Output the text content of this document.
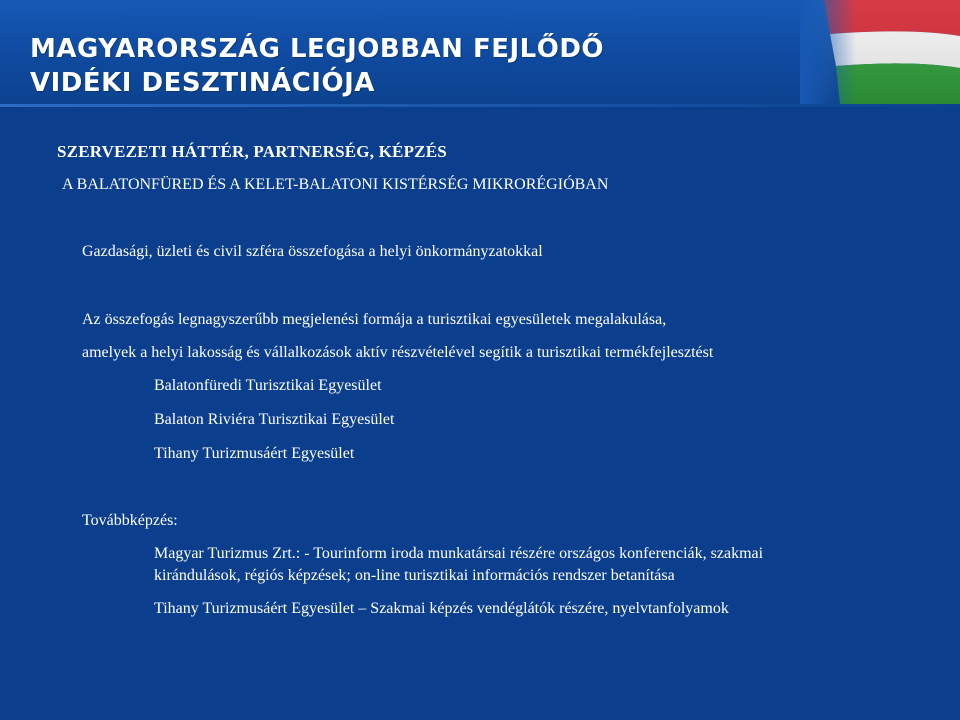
MAGYARORSZÁG LEGJOBBAN FEJLŐDŐ
VIDÉKI DESZTINÁCIÓJA

SZERVEZETI HÁTTÉR, PARTNERSÉG, KÉPZÉS

A BALATONFÜRED ÉS A KELET-BALATONI KISTÉRSÉG MIKRORÉGIÓBAN

Gazdasági, üzleti és civil szféra összefogása a helyi önkormányzatokkal

Az összefogás legnagyszerűbb megjelenési formája a turisztikai egyesületek megalakulása,

amelyek a helyi lakosság és vállalkozások aktív részvételével segítik a turisztikai termékfejlesztést

Balatonfüredi Turisztikai Egyesület

Balaton Riviéra Turisztikai Egyesület

Tihany Turizmusáért Egyesület

Továbbképzés:

Magyar Turizmus Zrt.: - Tourinform iroda munkatársai részére országos konferenciák, szakmai

kirándulások, régiós képzések; on-line turisztikai információs rendszer betanítása

Tihany Turizmusáért Egyesület – Szakmai képzés vendéglátók részére, nyelvtanfolyamok
